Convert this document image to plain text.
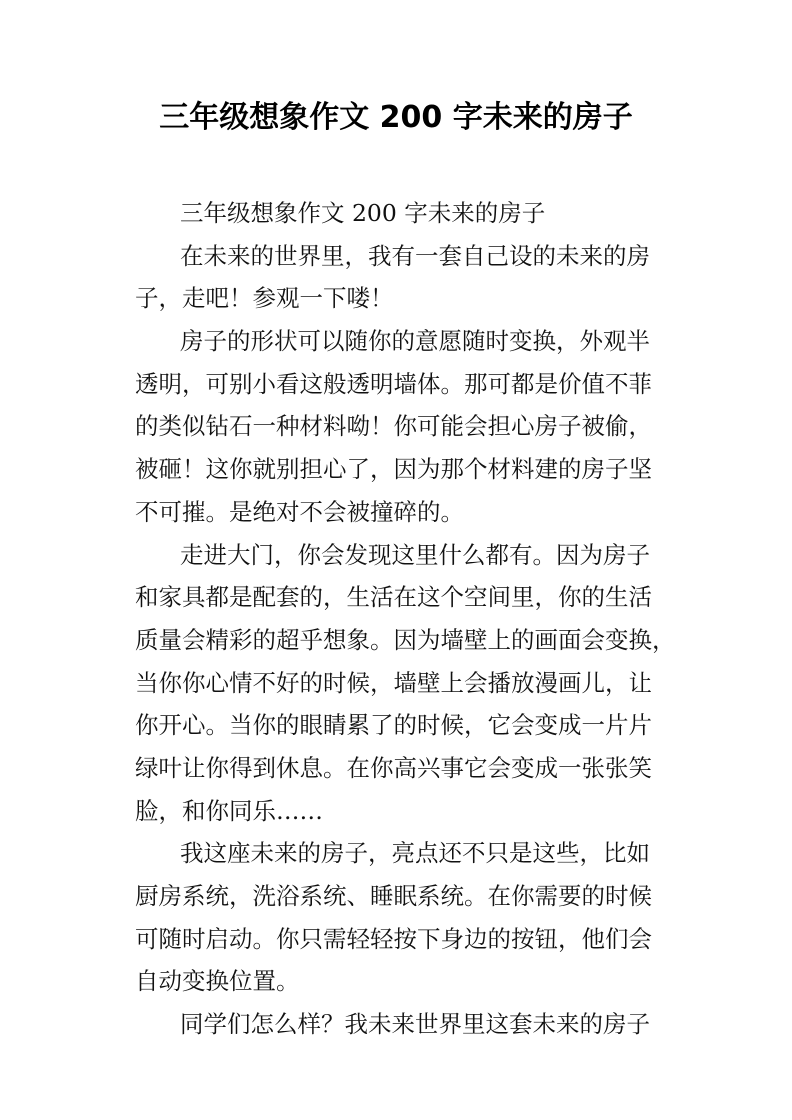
三年级想象作文 200 字未来的房子
三年级想象作文 200 字未来的房子
在未来的世界里，我有一套自己设的未来的房
子，走吧！参观一下喽！
房子的形状可以随你的意愿随时变换，外观半
透明，可别小看这般透明墙体。那可都是价值不菲
的类似钻石一种材料呦！你可能会担心房子被偷，
被砸！这你就别担心了，因为那个材料建的房子坚
不可摧。是绝对不会被撞碎的。
走进大门，你会发现这里什么都有。因为房子
和家具都是配套的，生活在这个空间里，你的生活
质量会精彩的超乎想象。因为墙壁上的画面会变换，
当你你心情不好的时候，墙壁上会播放漫画儿，让
你开心。当你的眼睛累了的时候，它会变成一片片
绿叶让你得到休息。在你高兴事它会变成一张张笑
脸，和你同乐……
我这座未来的房子，亮点还不只是这些，比如
厨房系统，洗浴系统、睡眠系统。在你需要的时候
可随时启动。你只需轻轻按下身边的按钮，他们会
自动变换位置。
同学们怎么样？我未来世界里这套未来的房子
